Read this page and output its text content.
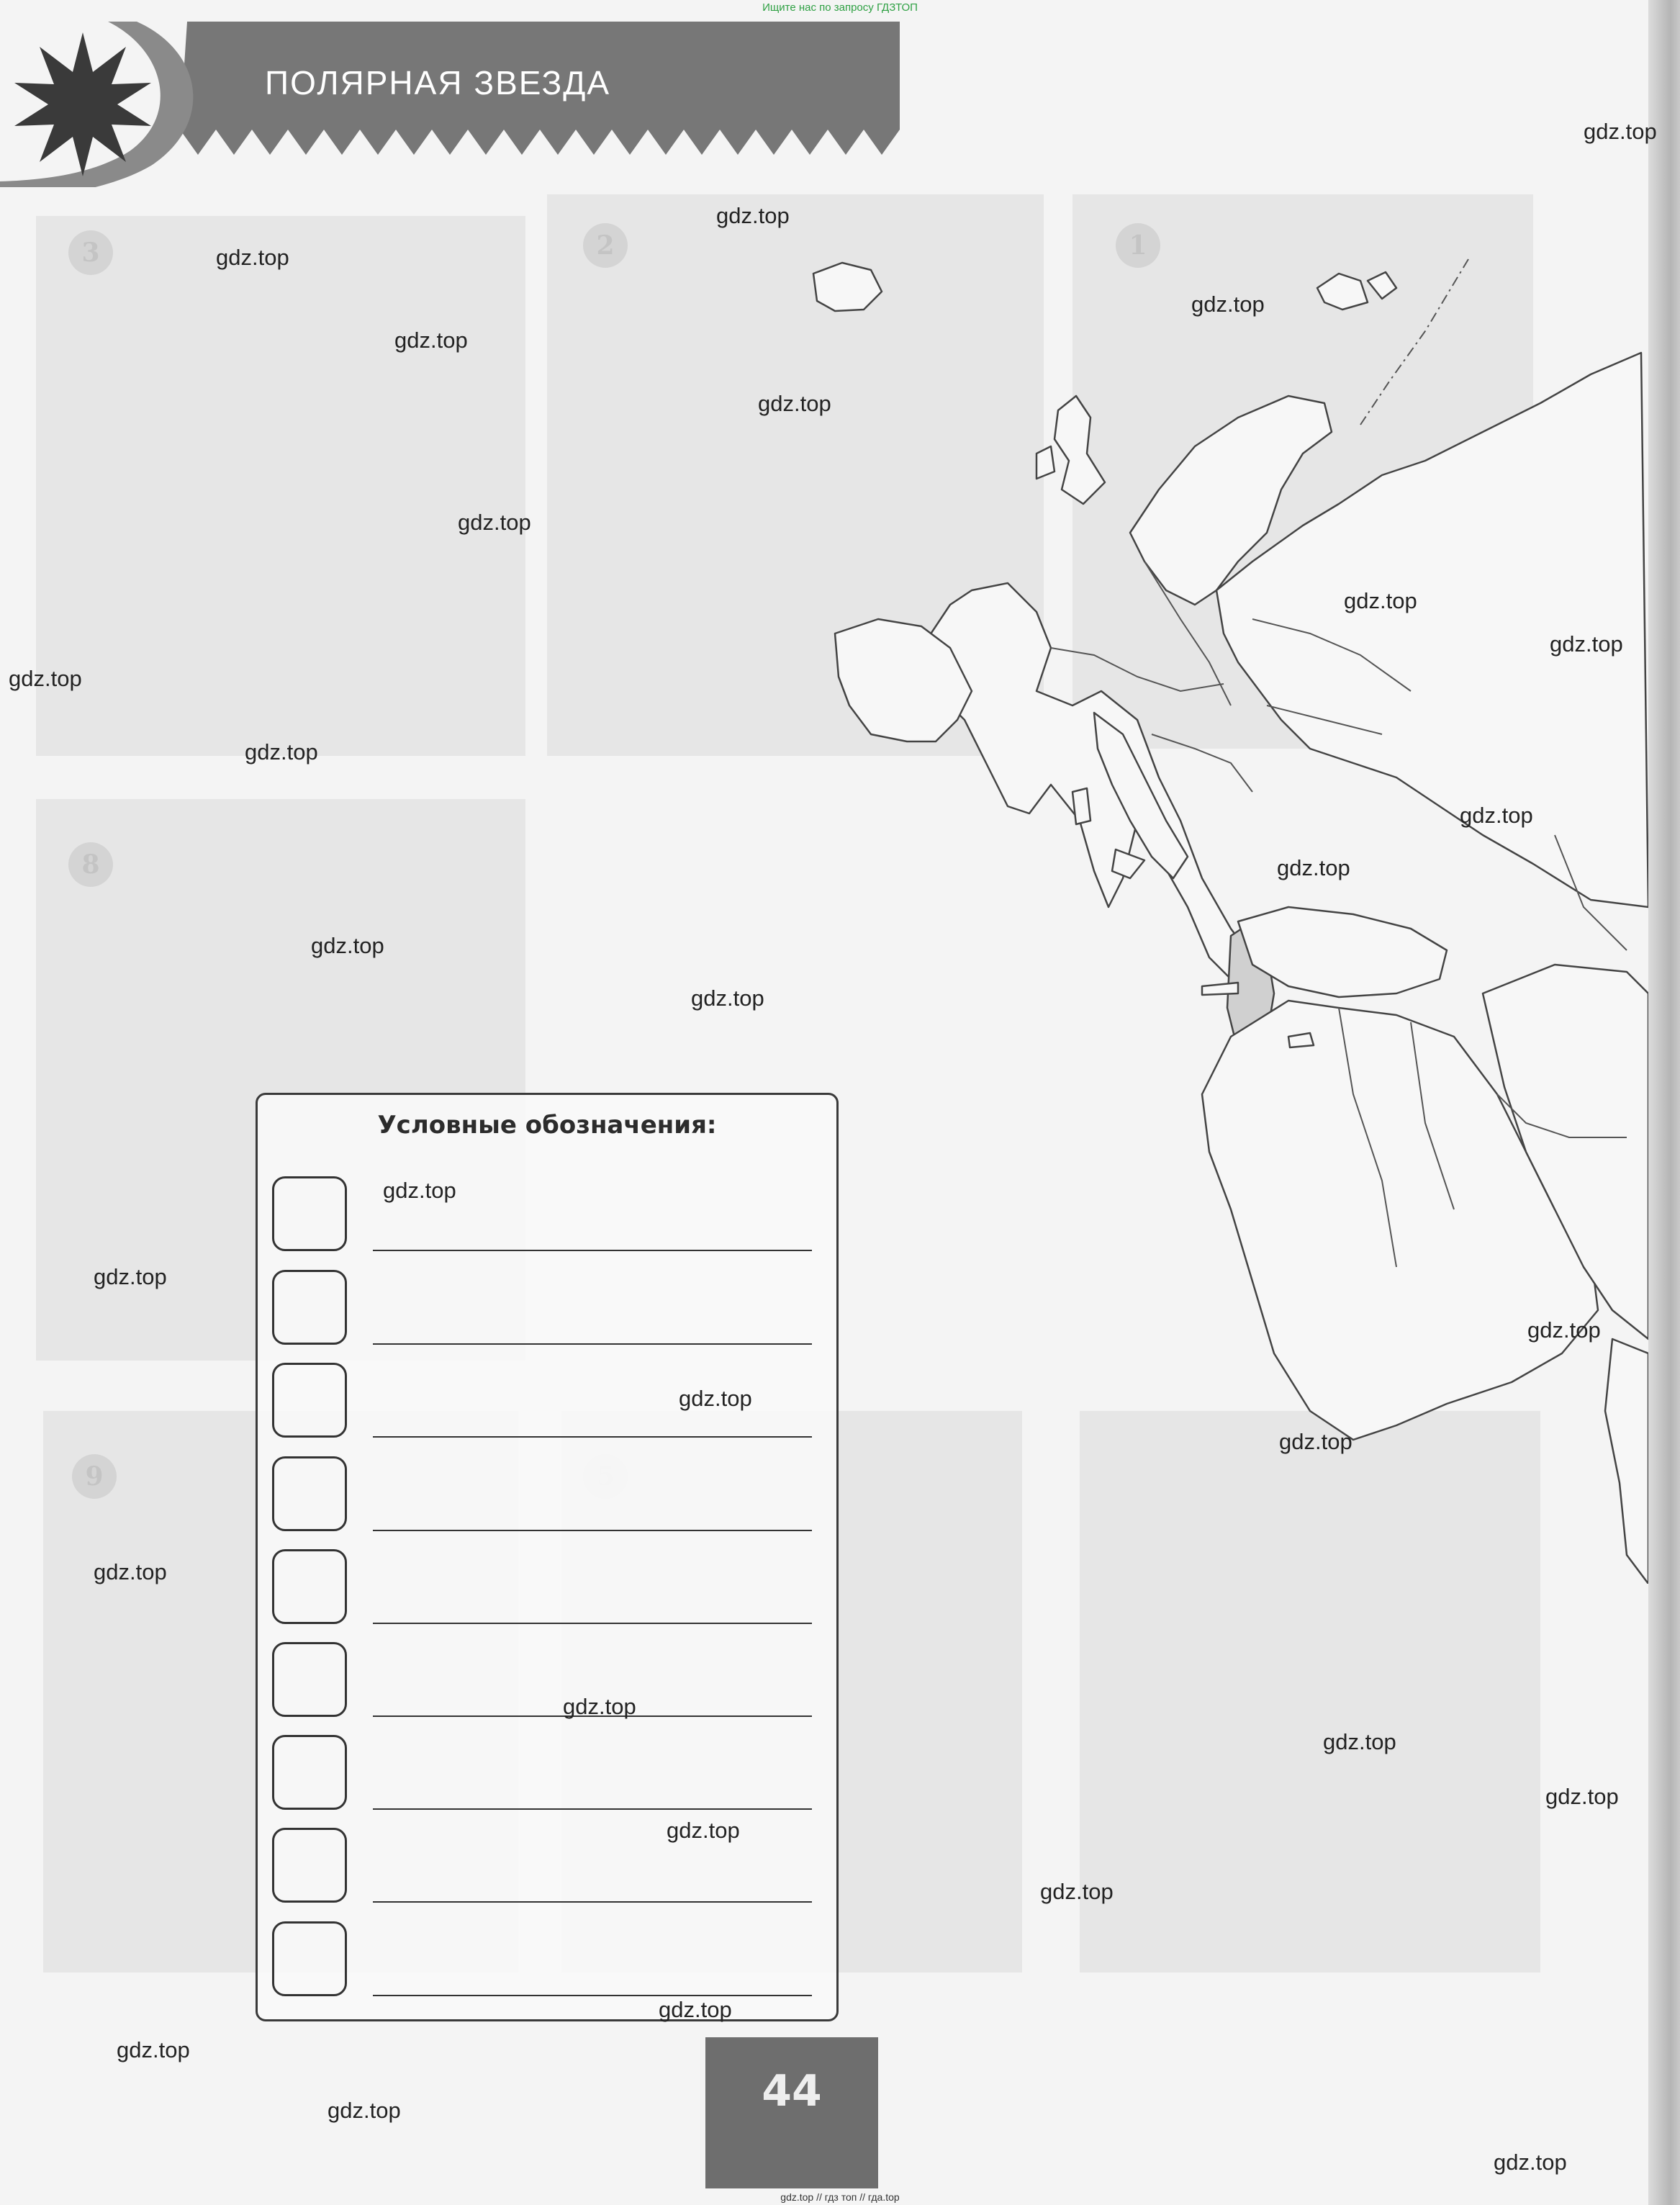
Ищите нас по запросу ГДЗТОП
3	2	1
8
9
ПОЛЯРНАЯ ЗВЕЗДА
Условные обозначения:
44
gdz.top
gdz.top
gdz.top
gdz.top
gdz.top
gdz.top
gdz.top
gdz.top
gdz.top
gdz.top
gdz.top
gdz.top
gdz.top
gdz.top
gdz.top
gdz.top
gdz.top
gdz.top
gdz.top
gdz.top
gdz.top
gdz.top
gdz.top
gdz.top
gdz.top
gdz.top
gdz.top
gdz.top
gdz.top
gdz.top
gdz.top // гдз топ // гда.top
